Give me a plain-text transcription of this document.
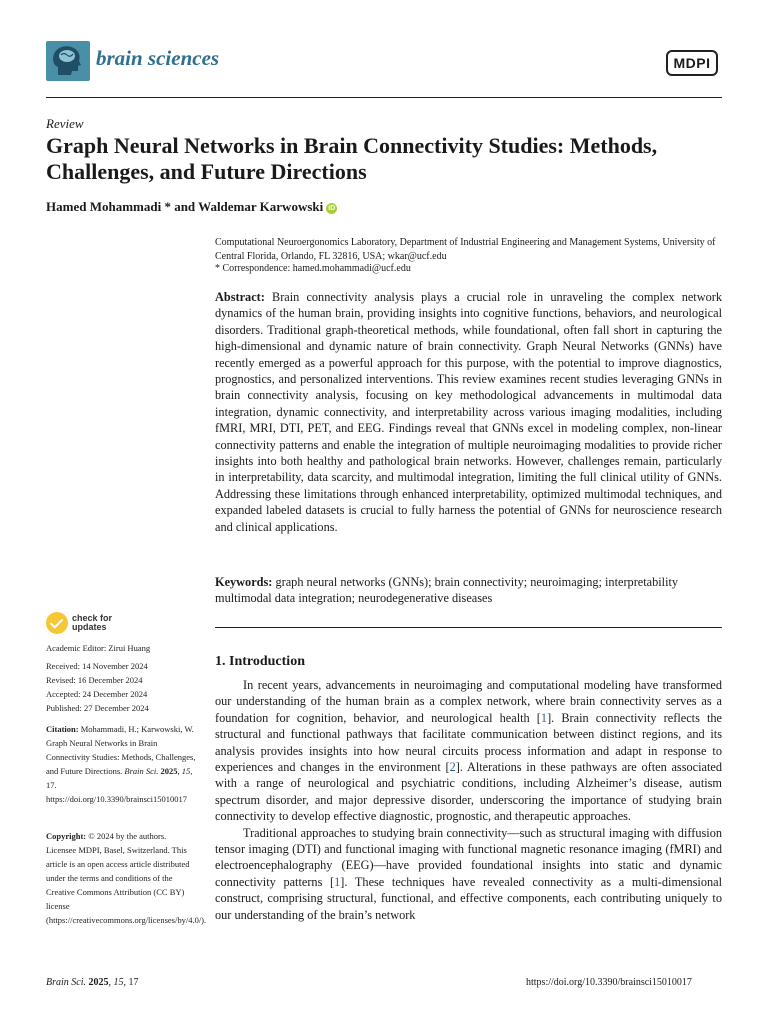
brain sciences	MDPI
Review
Graph Neural Networks in Brain Connectivity Studies: Methods, Challenges, and Future Directions
Hamed Mohammadi * and Waldemar Karwowski iD
Computational Neuroergonomics Laboratory, Department of Industrial Engineering and Management Systems, University of Central Florida, Orlando, FL 32816, USA; wkar@ucf.edu
* Correspondence: hamed.mohammadi@ucf.edu
Abstract: Brain connectivity analysis plays a crucial role in unraveling the complex network dynamics of the human brain, providing insights into cognitive functions, behaviors, and neurological disorders. Traditional graph-theoretical methods, while foundational, often fall short in capturing the high-dimensional and dynamic nature of brain connectivity. Graph Neural Networks (GNNs) have recently emerged as a powerful approach for this purpose, with the potential to improve diagnostics, prognostics, and personalized interventions. This review examines recent studies leveraging GNNs in brain connectivity analysis, focusing on key methodological advancements in multimodal data integration, dynamic connectivity, and interpretability across various imaging modalities, including fMRI, MRI, DTI, PET, and EEG. Findings reveal that GNNs excel in modeling complex, non-linear connectivity patterns and enable the integration of multiple neuroimaging modalities to provide richer insights into both healthy and pathological brain networks. However, challenges remain, particularly in interpretability, data scarcity, and multimodal integration, limiting the full clinical utility of GNNs. Addressing these limitations through enhanced interpretability, optimized multimodal techniques, and expanded labeled datasets is crucial to fully harness the potential of GNNs for neuroscience research and clinical applications.
Keywords: graph neural networks (GNNs); brain connectivity; neuroimaging; interpretability multimodal data integration; neurodegenerative diseases
check for
updates
Academic Editor: Zirui Huang
Received: 14 November 2024
Revised: 16 December 2024
Accepted: 24 December 2024
Published: 27 December 2024
Citation: Mohammadi, H.; Karwowski, W. Graph Neural Networks in Brain Connectivity Studies: Methods, Challenges, and Future Directions. Brain Sci. 2025, 15, 17. https://doi.org/10.3390/brainsci15010017
Copyright: © 2024 by the authors. Licensee MDPI, Basel, Switzerland. This article is an open access article distributed under the terms and conditions of the Creative Commons Attribution (CC BY) license (https://creativecommons.org/licenses/by/4.0/).
1. Introduction

In recent years, advancements in neuroimaging and computational modeling have transformed our understanding of the human brain as a complex network, where brain connectivity serves as a foundation for cognition, behavior, and neurological health [1]. Brain connectivity reflects the structural and functional pathways that facilitate communication between distinct regions, and its analysis provides insights into how neural circuits process information and adapt in response to experiences and changes in the environment [2]. Alterations in these pathways are often associated with a range of neurological and psychiatric conditions, including Alzheimer’s disease, autism spectrum disorder, and major depressive disorder, underscoring the importance of studying brain connectivity to develop effective diagnostic, prognostic, and therapeutic approaches.

Traditional approaches to studying brain connectivity—such as structural imaging with diffusion tensor imaging (DTI) and functional imaging with functional magnetic resonance imaging (fMRI) and electroencephalography (EEG)—have provided foundational insights into static and dynamic connectivity patterns [1]. These techniques have revealed connectivity as a multi-dimensional construct, comprising structural, functional, and effective components, each contributing uniquely to our understanding of the brain’s network

Brain Sci. 2025, 15, 17	https://doi.org/10.3390/brainsci15010017
